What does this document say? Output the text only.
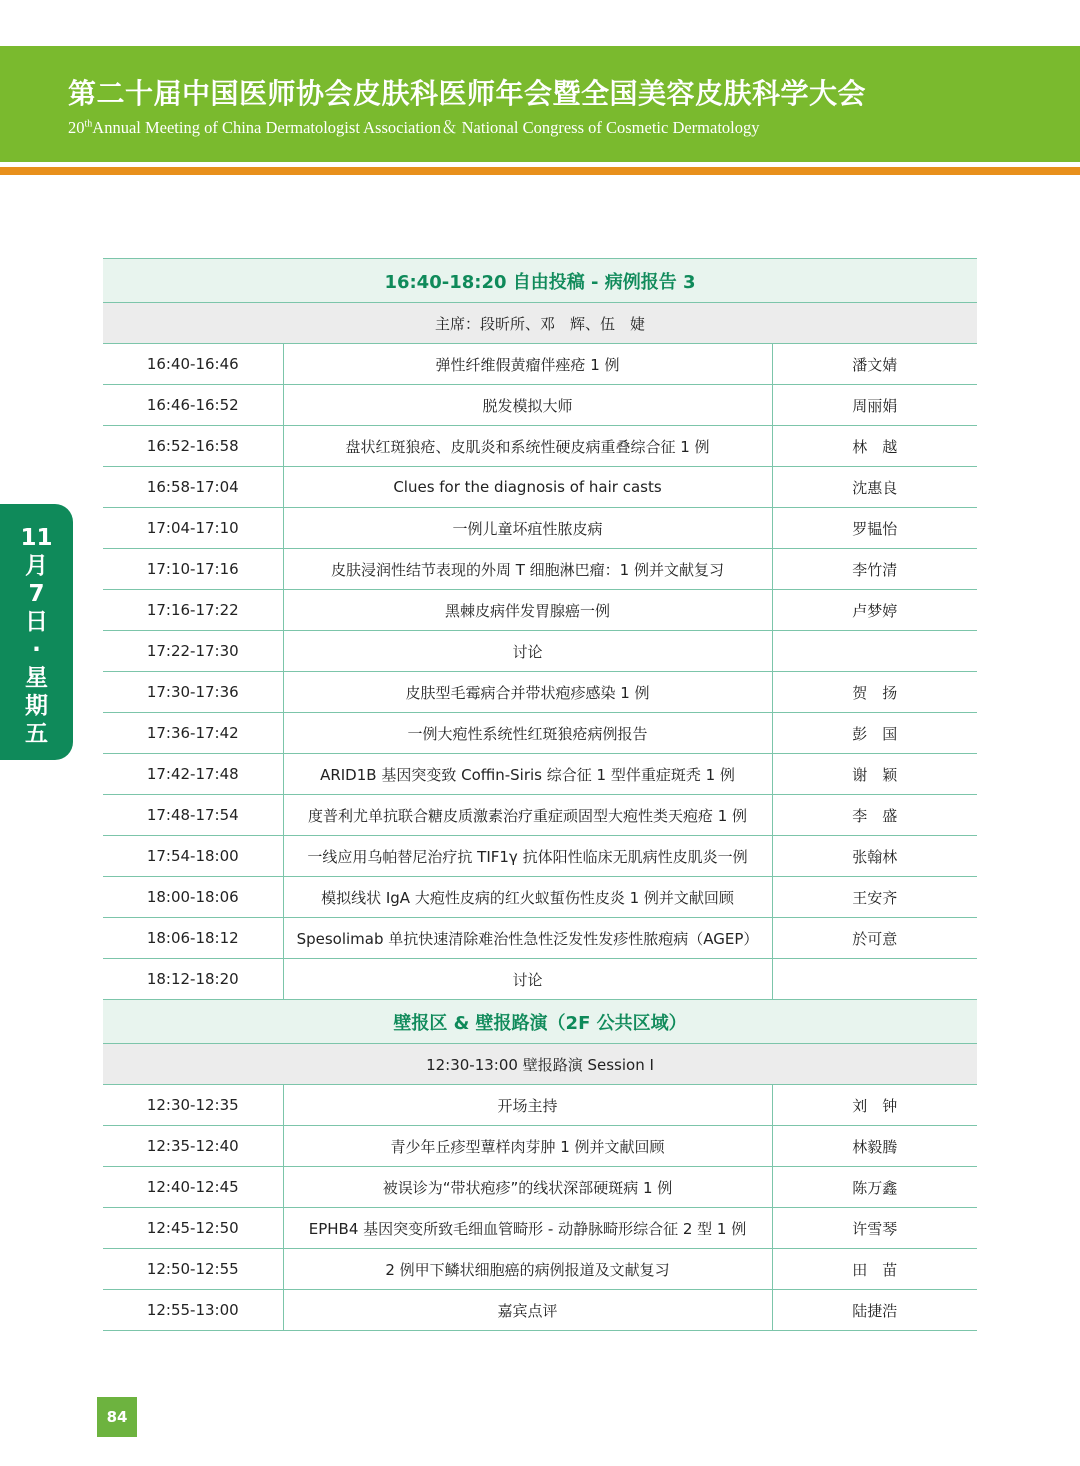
第二十届中国医师协会皮肤科医师年会暨全国美容皮肤科学大会
20thAnnual Meeting of China Dermatologist Association＆ National Congress of Cosmetic Dermatology
11
月
7
日
·
星
期
五
16:40-18:20 自由投稿 - 病例报告 3		
主席：段昕所、邓　辉、伍　婕		
16:40-16:46	弹性纤维假黄瘤伴痤疮 1 例	潘文婧
16:46-16:52	脱发模拟大师	周丽娟
16:52-16:58	盘状红斑狼疮、皮肌炎和系统性硬皮病重叠综合征 1 例	林　越
16:58-17:04	Clues for the diagnosis of hair casts	沈惠良
17:04-17:10	一例儿童坏疽性脓皮病	罗韫怡
17:10-17:16	皮肤浸润性结节表现的外周 T 细胞淋巴瘤：1 例并文献复习	李竹清
17:16-17:22	黑棘皮病伴发胃腺癌一例	卢梦婷
17:22-17:30	讨论	
17:30-17:36	皮肤型毛霉病合并带状疱疹感染 1 例	贺　扬
17:36-17:42	一例大疱性系统性红斑狼疮病例报告	彭　国
17:42-17:48	ARID1B 基因突变致 Coffin-Siris 综合征 1 型伴重症斑秃 1 例	谢　颖
17:48-17:54	度普利尤单抗联合糖皮质激素治疗重症顽固型大疱性类天疱疮 1 例	李　盛
17:54-18:00	一线应用乌帕替尼治疗抗 TIF1γ 抗体阳性临床无肌病性皮肌炎一例	张翰林
18:00-18:06	模拟线状 IgA 大疱性皮病的红火蚁蜇伤性皮炎 1 例并文献回顾	王安齐
18:06-18:12	Spesolimab 单抗快速清除难治性急性泛发性发疹性脓疱病（AGEP）	於可意
18:12-18:20	讨论	
壁报区 & 壁报路演（2F 公共区域）		
12:30-13:00 壁报路演 Session I		
12:30-12:35	开场主持	刘　钟
12:35-12:40	青少年丘疹型蕈样肉芽肿 1 例并文献回顾	林毅腾
12:40-12:45	被误诊为“带状疱疹”的线状深部硬斑病 1 例	陈万鑫
12:45-12:50	EPHB4 基因突变所致毛细血管畸形 - 动静脉畸形综合征 2 型 1 例	许雪琴
12:50-12:55	2 例甲下鳞状细胞癌的病例报道及文献复习	田　苗
12:55-13:00	嘉宾点评	陆捷浩
84
